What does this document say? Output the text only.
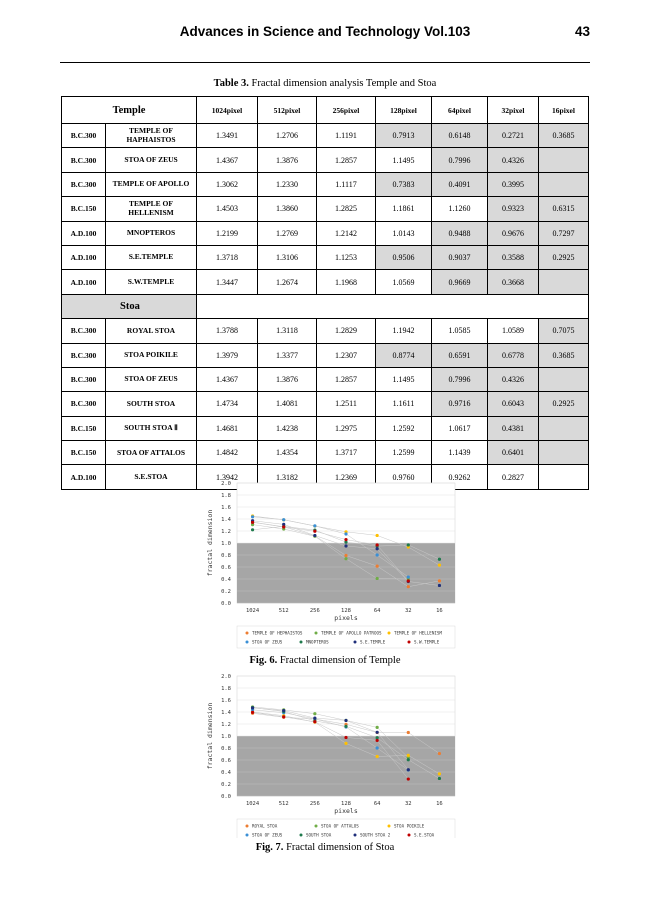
Advances in Science and Technology Vol.103	43
Table 3. Fractal dimension analysis Temple and Stoa
Temple		1024pixel	512pixel	256pixel	128pixel	64pixel	32pixel	16pixel
B.C.300	TEMPLE OF HAPHAISTOS	1.3491	1.2706	1.1191	0.7913	0.6148	0.2721	0.3685
B.C.300	STOA OF ZEUS	1.4367	1.3876	1.2857	1.1495	0.7996	0.4326	
B.C.300	TEMPLE OF APOLLO	1.3062	1.2330	1.1117	0.7383	0.4091	0.3995	
B.C.150	TEMPLE OF HELLENISM	1.4503	1.3860	1.2825	1.1861	1.1260	0.9323	0.6315
A.D.100	MNOPTEROS	1.2199	1.2769	1.2142	1.0143	0.9488	0.9676	0.7297
A.D.100	S.E.TEMPLE	1.3718	1.3106	1.1253	0.9506	0.9037	0.3588	0.2925
A.D.100	S.W.TEMPLE	1.3447	1.2674	1.1968	1.0569	0.9669	0.3668	
Stoa								
B.C.300	ROYAL STOA	1.3788	1.3118	1.2829	1.1942	1.0585	1.0589	0.7075
B.C.300	STOA POIKILE	1.3979	1.3377	1.2307	0.8774	0.6591	0.6778	0.3685
B.C.300	STOA OF ZEUS	1.4367	1.3876	1.2857	1.1495	0.7996	0.4326	
B.C.300	SOUTH STOA	1.4734	1.4081	1.2511	1.1611	0.9716	0.6043	0.2925
B.C.150	SOUTH STOA Ⅱ	1.4681	1.4238	1.2975	1.2592	1.0617	0.4381	
B.C.150	STOA OF ATTALOS	1.4842	1.4354	1.3717	1.2599	1.1439	0.6401	
A.D.100	S.E.STOA	1.3942	1.3182	1.2369	0.9760	0.9262	0.2827	
0.0
0.2
0.4
0.6
0.8
1.0
1.2
1.4
1.6
1.8
2.0
1024	512	256	128	64	32	16
pixels
fractal dimension
TEMPLE OF HEPHAISTOS	TEMPLE OF APOLLO PATROOS	TEMPLE OF HELLENISM
STOA OF ZEUS	MNOPTEROS	S.E.TEMPLE	S.W.TEMPLE
Fig. 6. Fractal dimension of Temple
0.0
0.2
0.4
0.6
0.8
1.0
1.2
1.4
1.6
1.8
2.0
1024	512	256	128	64	32	16
pixels
fractal dimension
ROYAL STOA	STOA OF ATTALOS	STOA POIKILE
STOA OF ZEUS	SOUTH STOA	SOUTH STOA 2	S.E.STOA
Fig. 7. Fractal dimension of Stoa
